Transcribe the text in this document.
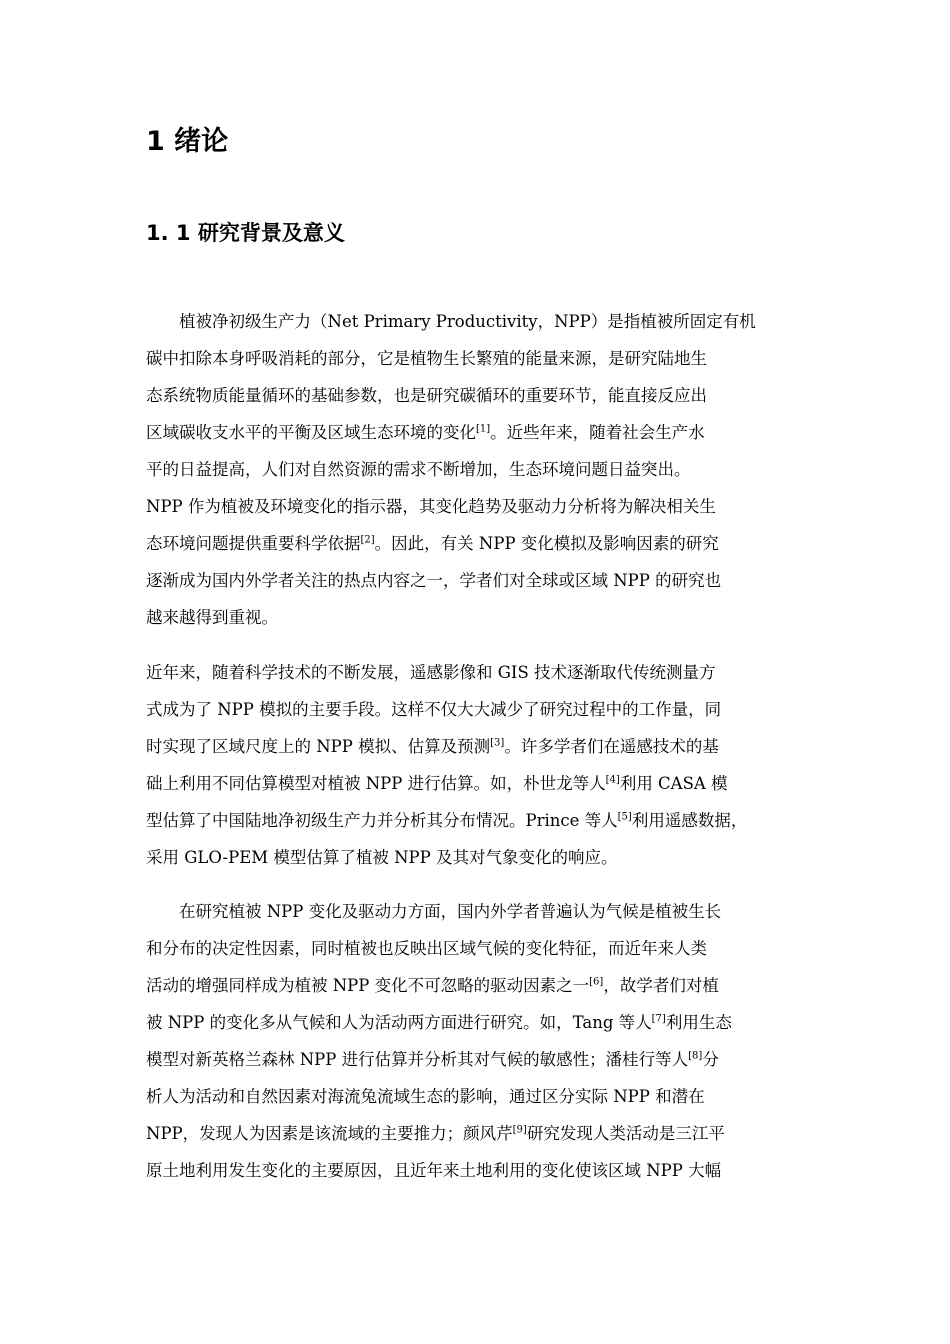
1 绪论
1. 1 研究背景及意义
植被净初级生产力（Net Primary Productivity，NPP）是指植被所固定有机
碳中扣除本身呼吸消耗的部分，它是植物生长繁殖的能量来源，是研究陆地生
态系统物质能量循环的基础参数，也是研究碳循环的重要环节，能直接反应出
区域碳收支水平的平衡及区域生态环境的变化[1]。近些年来，随着社会生产水
平的日益提高，人们对自然资源的需求不断增加，生态环境问题日益突出。
NPP 作为植被及环境变化的指示器，其变化趋势及驱动力分析将为解决相关生
态环境问题提供重要科学依据[2]。因此，有关 NPP 变化模拟及影响因素的研究
逐渐成为国内外学者关注的热点内容之一，学者们对全球或区域 NPP 的研究也
越来越得到重视。
近年来，随着科学技术的不断发展，遥感影像和 GIS 技术逐渐取代传统测量方
式成为了 NPP 模拟的主要手段。这样不仅大大减少了研究过程中的工作量，同
时实现了区域尺度上的 NPP 模拟、估算及预测[3]。许多学者们在遥感技术的基
础上利用不同估算模型对植被 NPP 进行估算。如，朴世龙等人[4]利用 CASA 模
型估算了中国陆地净初级生产力并分析其分布情况。Prince 等人[5]利用遥感数据，
采用 GLO-PEM 模型估算了植被 NPP 及其对气象变化的响应。
在研究植被 NPP 变化及驱动力方面，国内外学者普遍认为气候是植被生长
和分布的决定性因素，同时植被也反映出区域气候的变化特征，而近年来人类
活动的增强同样成为植被 NPP 变化不可忽略的驱动因素之一[6]，故学者们对植
被 NPP 的变化多从气候和人为活动两方面进行研究。如，Tang 等人[7]利用生态
模型对新英格兰森林 NPP 进行估算并分析其对气候的敏感性；潘桂行等人[8]分
析人为活动和自然因素对海流兔流域生态的影响，通过区分实际 NPP 和潜在
NPP，发现人为因素是该流域的主要推力；颜风芹[9]研究发现人类活动是三江平
原土地利用发生变化的主要原因，且近年来土地利用的变化使该区域 NPP 大幅
